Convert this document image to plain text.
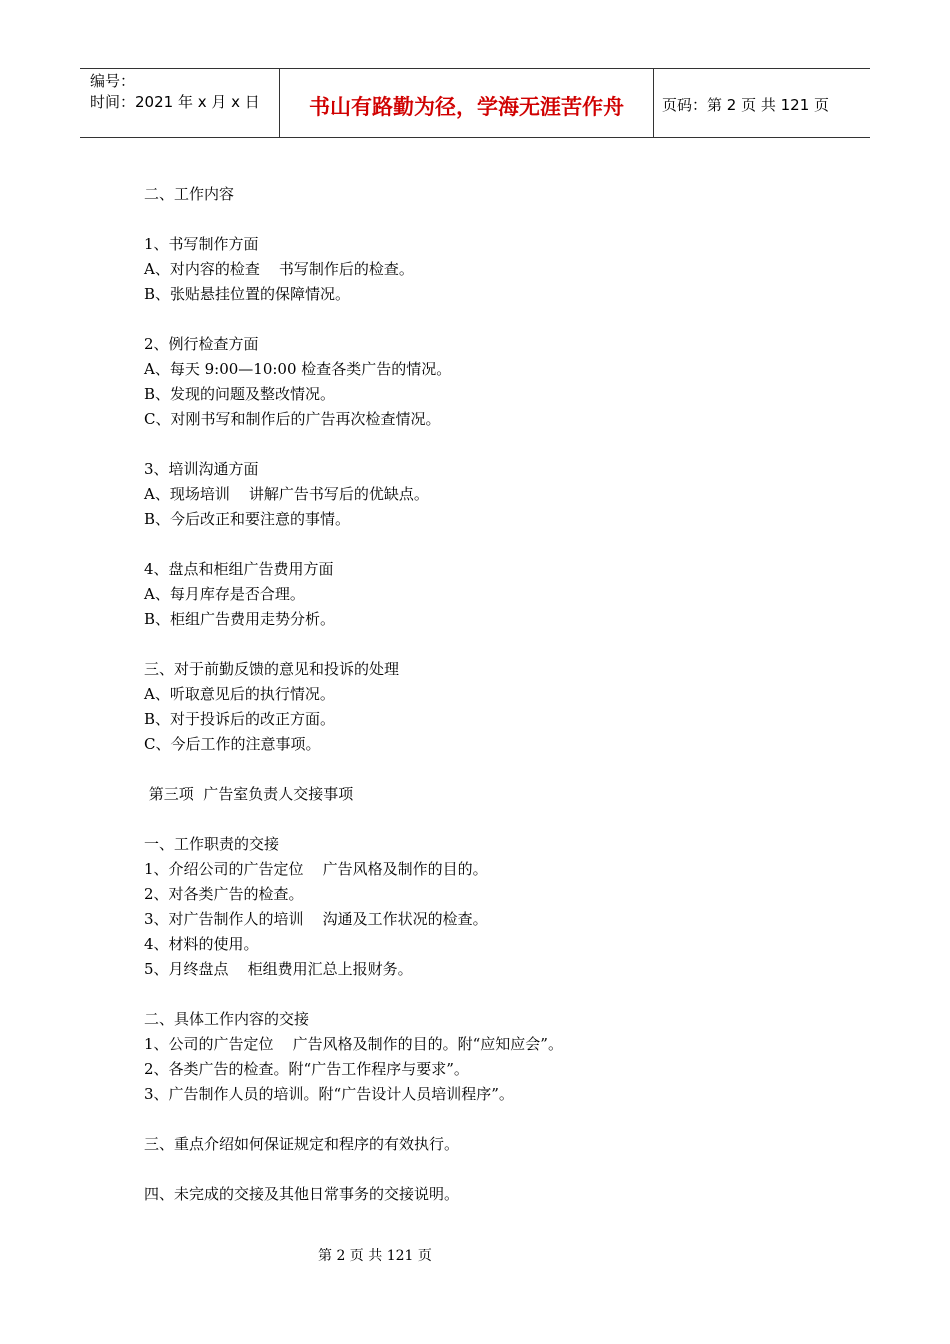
编号：
时间：2021 年 x 月 x 日	书山有路勤为径，学海无涯苦作舟	页码：第 2 页 共 121 页
二、工作内容
1、书写制作方面
A、对内容的检查    书写制作后的检查。
B、张贴悬挂位置的保障情况。
2、例行检查方面
A、每天 9:00—10:00 检查各类广告的情况。
B、发现的问题及整改情况。
C、对刚书写和制作后的广告再次检查情况。
3、培训沟通方面
A、现场培训    讲解广告书写后的优缺点。
B、今后改正和要注意的事情。
4、盘点和柜组广告费用方面
A、每月库存是否合理。
B、柜组广告费用走势分析。
三、对于前勤反馈的意见和投诉的处理
A、听取意见后的执行情况。
B、对于投诉后的改正方面。
C、今后工作的注意事项。
第三项  广告室负责人交接事项
一、工作职责的交接
1、介绍公司的广告定位    广告风格及制作的目的。
2、对各类广告的检查。
3、对广告制作人的培训    沟通及工作状况的检查。
4、材料的使用。
5、月终盘点    柜组费用汇总上报财务。
二、具体工作内容的交接
1、公司的广告定位    广告风格及制作的目的。附“应知应会”。
2、各类广告的检查。附“广告工作程序与要求”。
3、广告制作人员的培训。附“广告设计人员培训程序”。
三、重点介绍如何保证规定和程序的有效执行。
四、未完成的交接及其他日常事务的交接说明。
第 2 页 共 121 页
